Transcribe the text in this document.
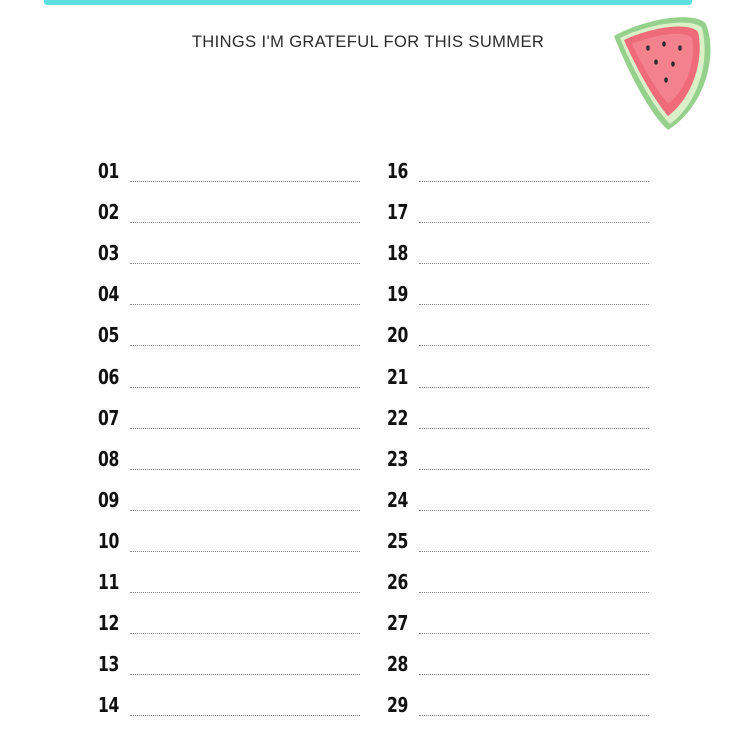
THINGS I'M GRATEFUL FOR THIS SUMMER
01
02
03
04
05
06
07
08
09
10
11
12
13
14
16
17
18
19
20
21
22
23
24
25
26
27
28
29
